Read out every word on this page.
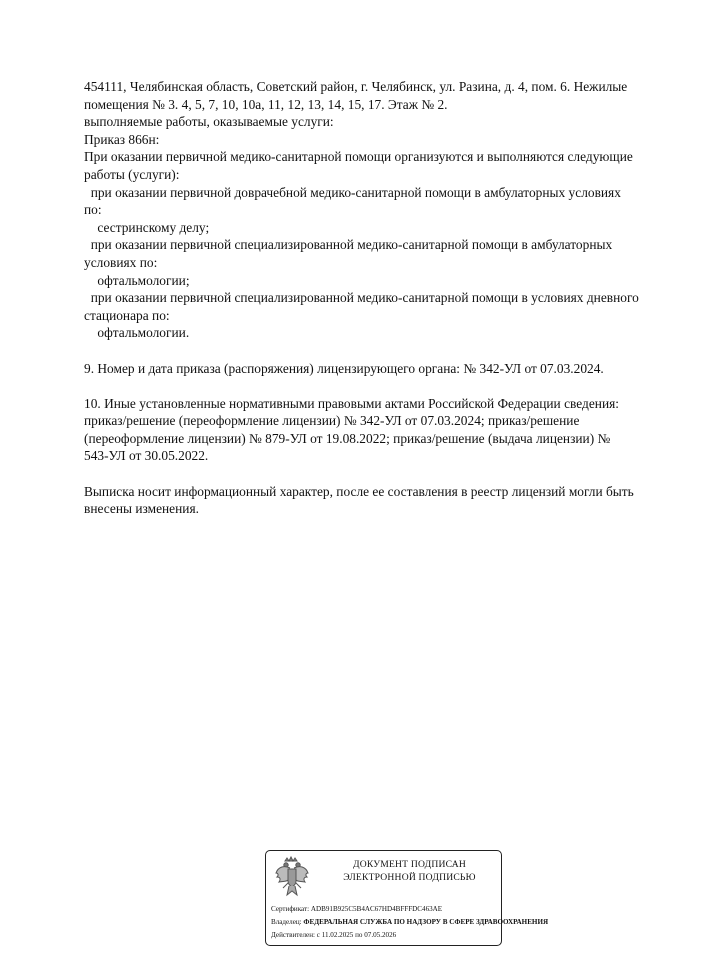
454111, Челябинская область, Советский район, г. Челябинск, ул. Разина, д. 4, пом. 6. Нежилые
помещения № 3. 4, 5, 7, 10, 10а, 11, 12, 13, 14, 15, 17. Этаж № 2.
выполняемые работы, оказываемые услуги:
Приказ 866н:
При оказании первичной медико-санитарной помощи организуются и выполняются следующие
работы (услуги):
при оказании первичной доврачебной медико-санитарной помощи в амбулаторных условиях
по:
сестринскому делу;
при оказании первичной специализированной медико-санитарной помощи в амбулаторных
условиях по:
офтальмологии;
при оказании первичной специализированной медико-санитарной помощи в условиях дневного
стационара по:
офтальмологии.
9. Номер и дата приказа (распоряжения) лицензирующего органа: № 342-УЛ от 07.03.2024.
10. Иные установленные нормативными правовыми актами Российской Федерации сведения:
приказ/решение (переоформление лицензии) № 342-УЛ от 07.03.2024; приказ/решение
(переоформление лицензии) № 879-УЛ от 19.08.2022; приказ/решение (выдача лицензии) №
543-УЛ от 30.05.2022.
Выписка носит информационный характер, после ее составления в реестр лицензий могли быть
внесены изменения.
ДОКУМЕНТ ПОДПИСАН
ЭЛЕКТРОННОЙ ПОДПИСЬЮ
Сертификат: ADB91B925C5B4AC67HD4BFFFDC463AE
Владелец: ФЕДЕРАЛЬНАЯ СЛУЖБА ПО НАДЗОРУ В СФЕРЕ ЗДРАВООХРАНЕНИЯ
Действителен: с 11.02.2025 по 07.05.2026
